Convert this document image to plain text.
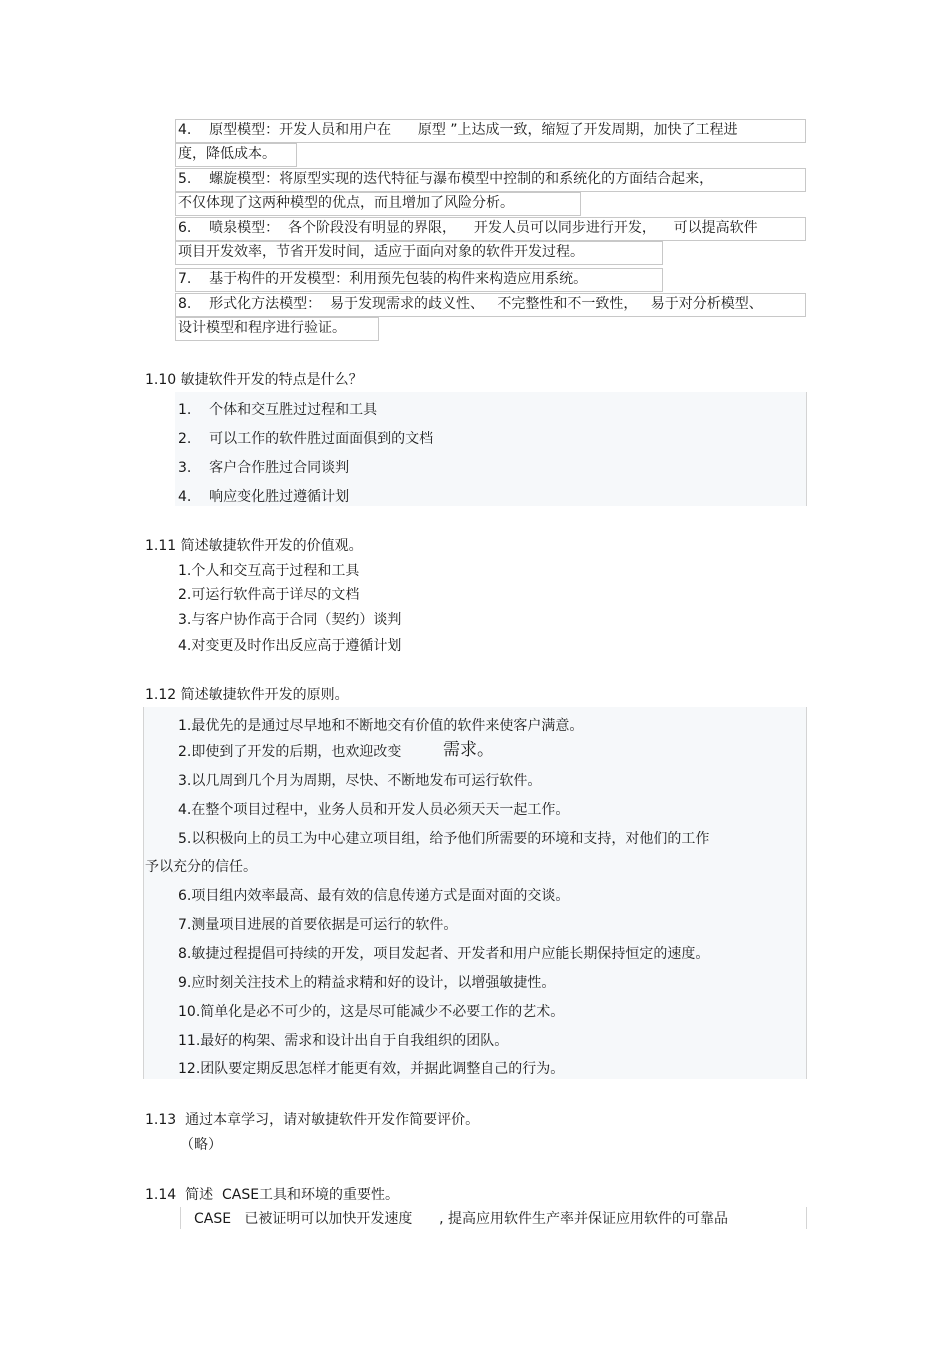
4.    原型模型：开发人员和用户在      原型 ”上达成一致，缩短了开发周期，加快了工程进
度，降低成本。
5.    螺旋模型：将原型实现的迭代特征与瀑布模型中控制的和系统化的方面结合起来，
不仅体现了这两种模型的优点，而且增加了风险分析。
6.    喷泉模型：  各个阶段没有明显的界限，    开发人员可以同步进行开发，    可以提高软件
项目开发效率，节省开发时间，适应于面向对象的软件开发过程。
7.    基于构件的开发模型：利用预先包装的构件来构造应用系统。
8.    形式化方法模型：  易于发现需求的歧义性、   不完整性和不一致性，   易于对分析模型、
设计模型和程序进行验证。
1.10 敏捷软件开发的特点是什么？
1.    个体和交互胜过过程和工具
2.    可以工作的软件胜过面面俱到的文档
3.    客户合作胜过合同谈判
4.    响应变化胜过遵循计划
1.11 简述敏捷软件开发的价值观。
1.个人和交互高于过程和工具
2.可运行软件高于详尽的文档
3.与客户协作高于合同（契约）谈判
4.对变更及时作出反应高于遵循计划
1.12 简述敏捷软件开发的原则。
1.最优先的是通过尽早地和不断地交有价值的软件来使客户满意。
2.即使到了开发的后期，也欢迎改变 需求。
3.以几周到几个月为周期，尽快、不断地发布可运行软件。
4.在整个项目过程中，业务人员和开发人员必须天天一起工作。
5.以积极向上的员工为中心建立项目组，给予他们所需要的环境和支持，对他们的工作
予以充分的信任。
6.项目组内效率最高、最有效的信息传递方式是面对面的交谈。
7.测量项目进展的首要依据是可运行的软件。
8.敏捷过程提倡可持续的开发，项目发起者、开发者和用户应能长期保持恒定的速度。
9.应时刻关注技术上的精益求精和好的设计，以增强敏捷性。
10.简单化是必不可少的，这是尽可能减少不必要工作的艺术。
11.最好的构架、需求和设计出自于自我组织的团队。
12.团队要定期反思怎样才能更有效，并据此调整自己的行为。
1.13  通过本章学习，请对敏捷软件开发作简要评价。
（略）
1.14  简述  CASE工具和环境的重要性。
CASE   已被证明可以加快开发速度      , 提高应用软件生产率并保证应用软件的可靠品
